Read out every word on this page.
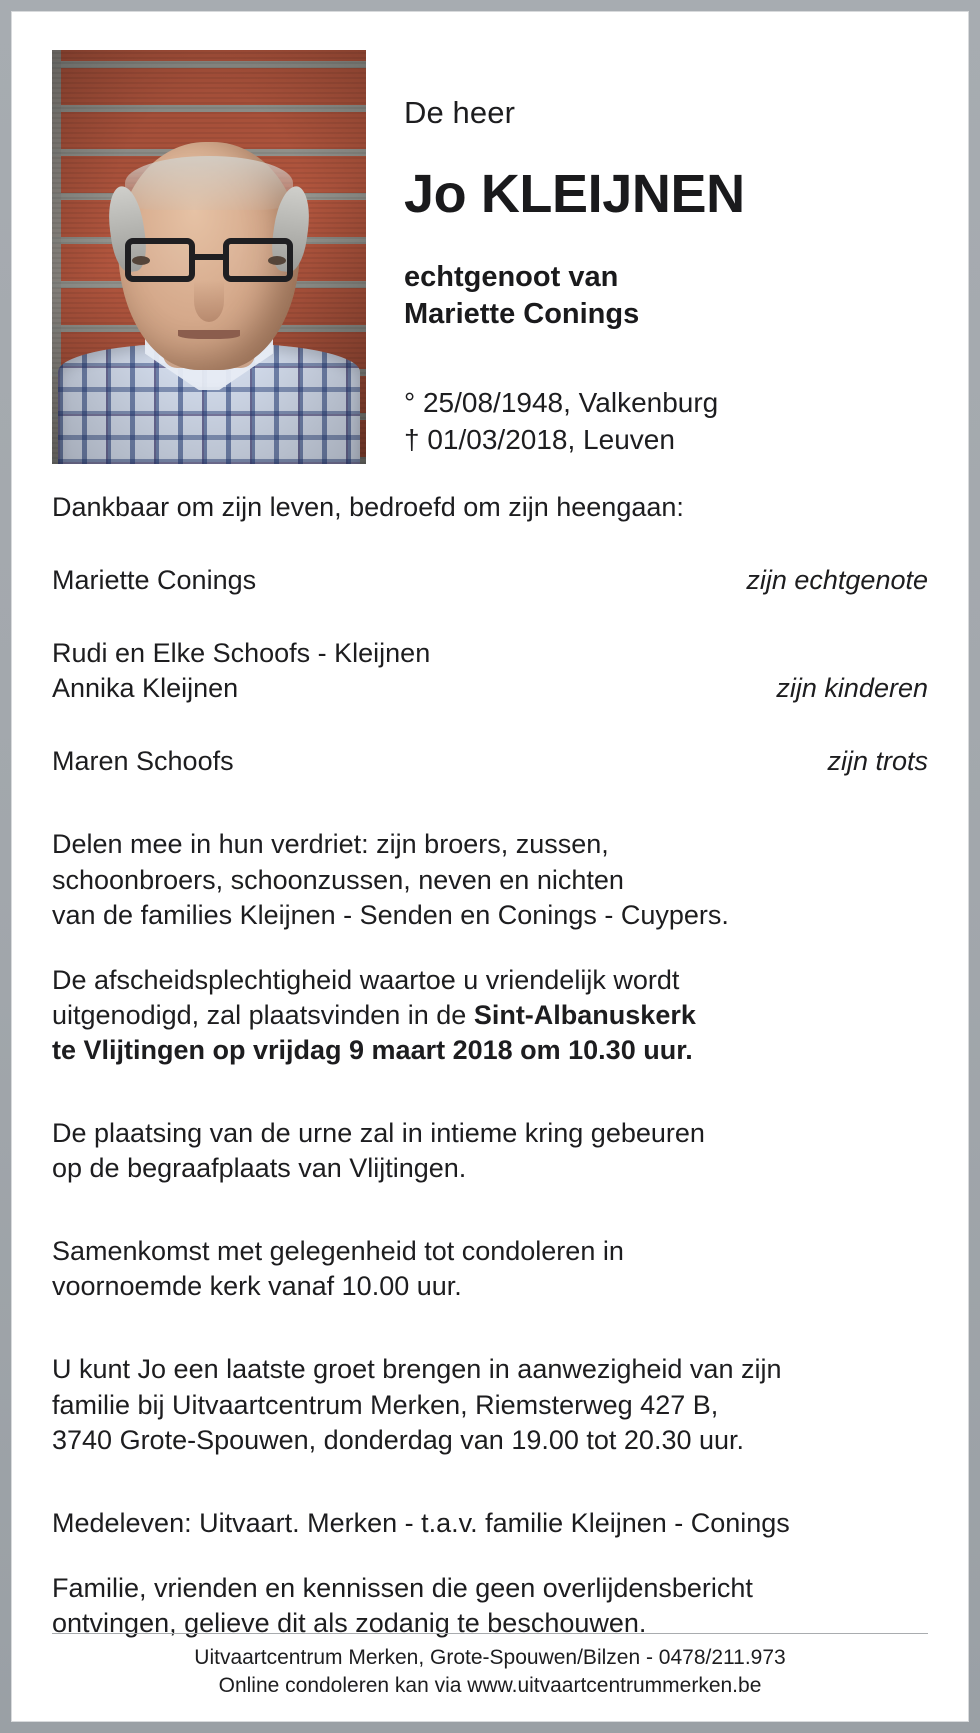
De heer
Jo KLEIJNEN
echtgenoot van
Mariette Conings
° 25/08/1948, Valkenburg
† 01/03/2018, Leuven
Dankbaar om zijn leven, bedroefd om zijn heengaan:
Mariette Conings	zijn echtgenote
Rudi en Elke Schoofs - Kleijnen
Annika Kleijnen	zijn kinderen
Maren Schoofs	zijn trots
Delen mee in hun verdriet: zijn broers, zussen,
schoonbroers, schoonzussen, neven en nichten
van de families Kleijnen - Senden en Conings - Cuypers.
De afscheidsplechtigheid waartoe u vriendelijk wordt
uitgenodigd, zal plaatsvinden in de Sint-Albanuskerk
te Vlijtingen op vrijdag 9 maart 2018 om 10.30 uur.
De plaatsing van de urne zal in intieme kring gebeuren
op de begraafplaats van Vlijtingen.
Samenkomst met gelegenheid tot condoleren in
voornoemde kerk vanaf 10.00 uur.
U kunt Jo een laatste groet brengen in aanwezigheid van zijn
familie bij Uitvaartcentrum Merken, Riemsterweg 427 B,
3740 Grote-Spouwen, donderdag van 19.00 tot 20.30 uur.
Medeleven: Uitvaart. Merken - t.a.v. familie Kleijnen - Conings
Familie, vrienden en kennissen die geen overlijdensbericht
ontvingen, gelieve dit als zodanig te beschouwen.
Uitvaartcentrum Merken, Grote-Spouwen/Bilzen - 0478/211.973
Online condoleren kan via www.uitvaartcentrummerken.be
